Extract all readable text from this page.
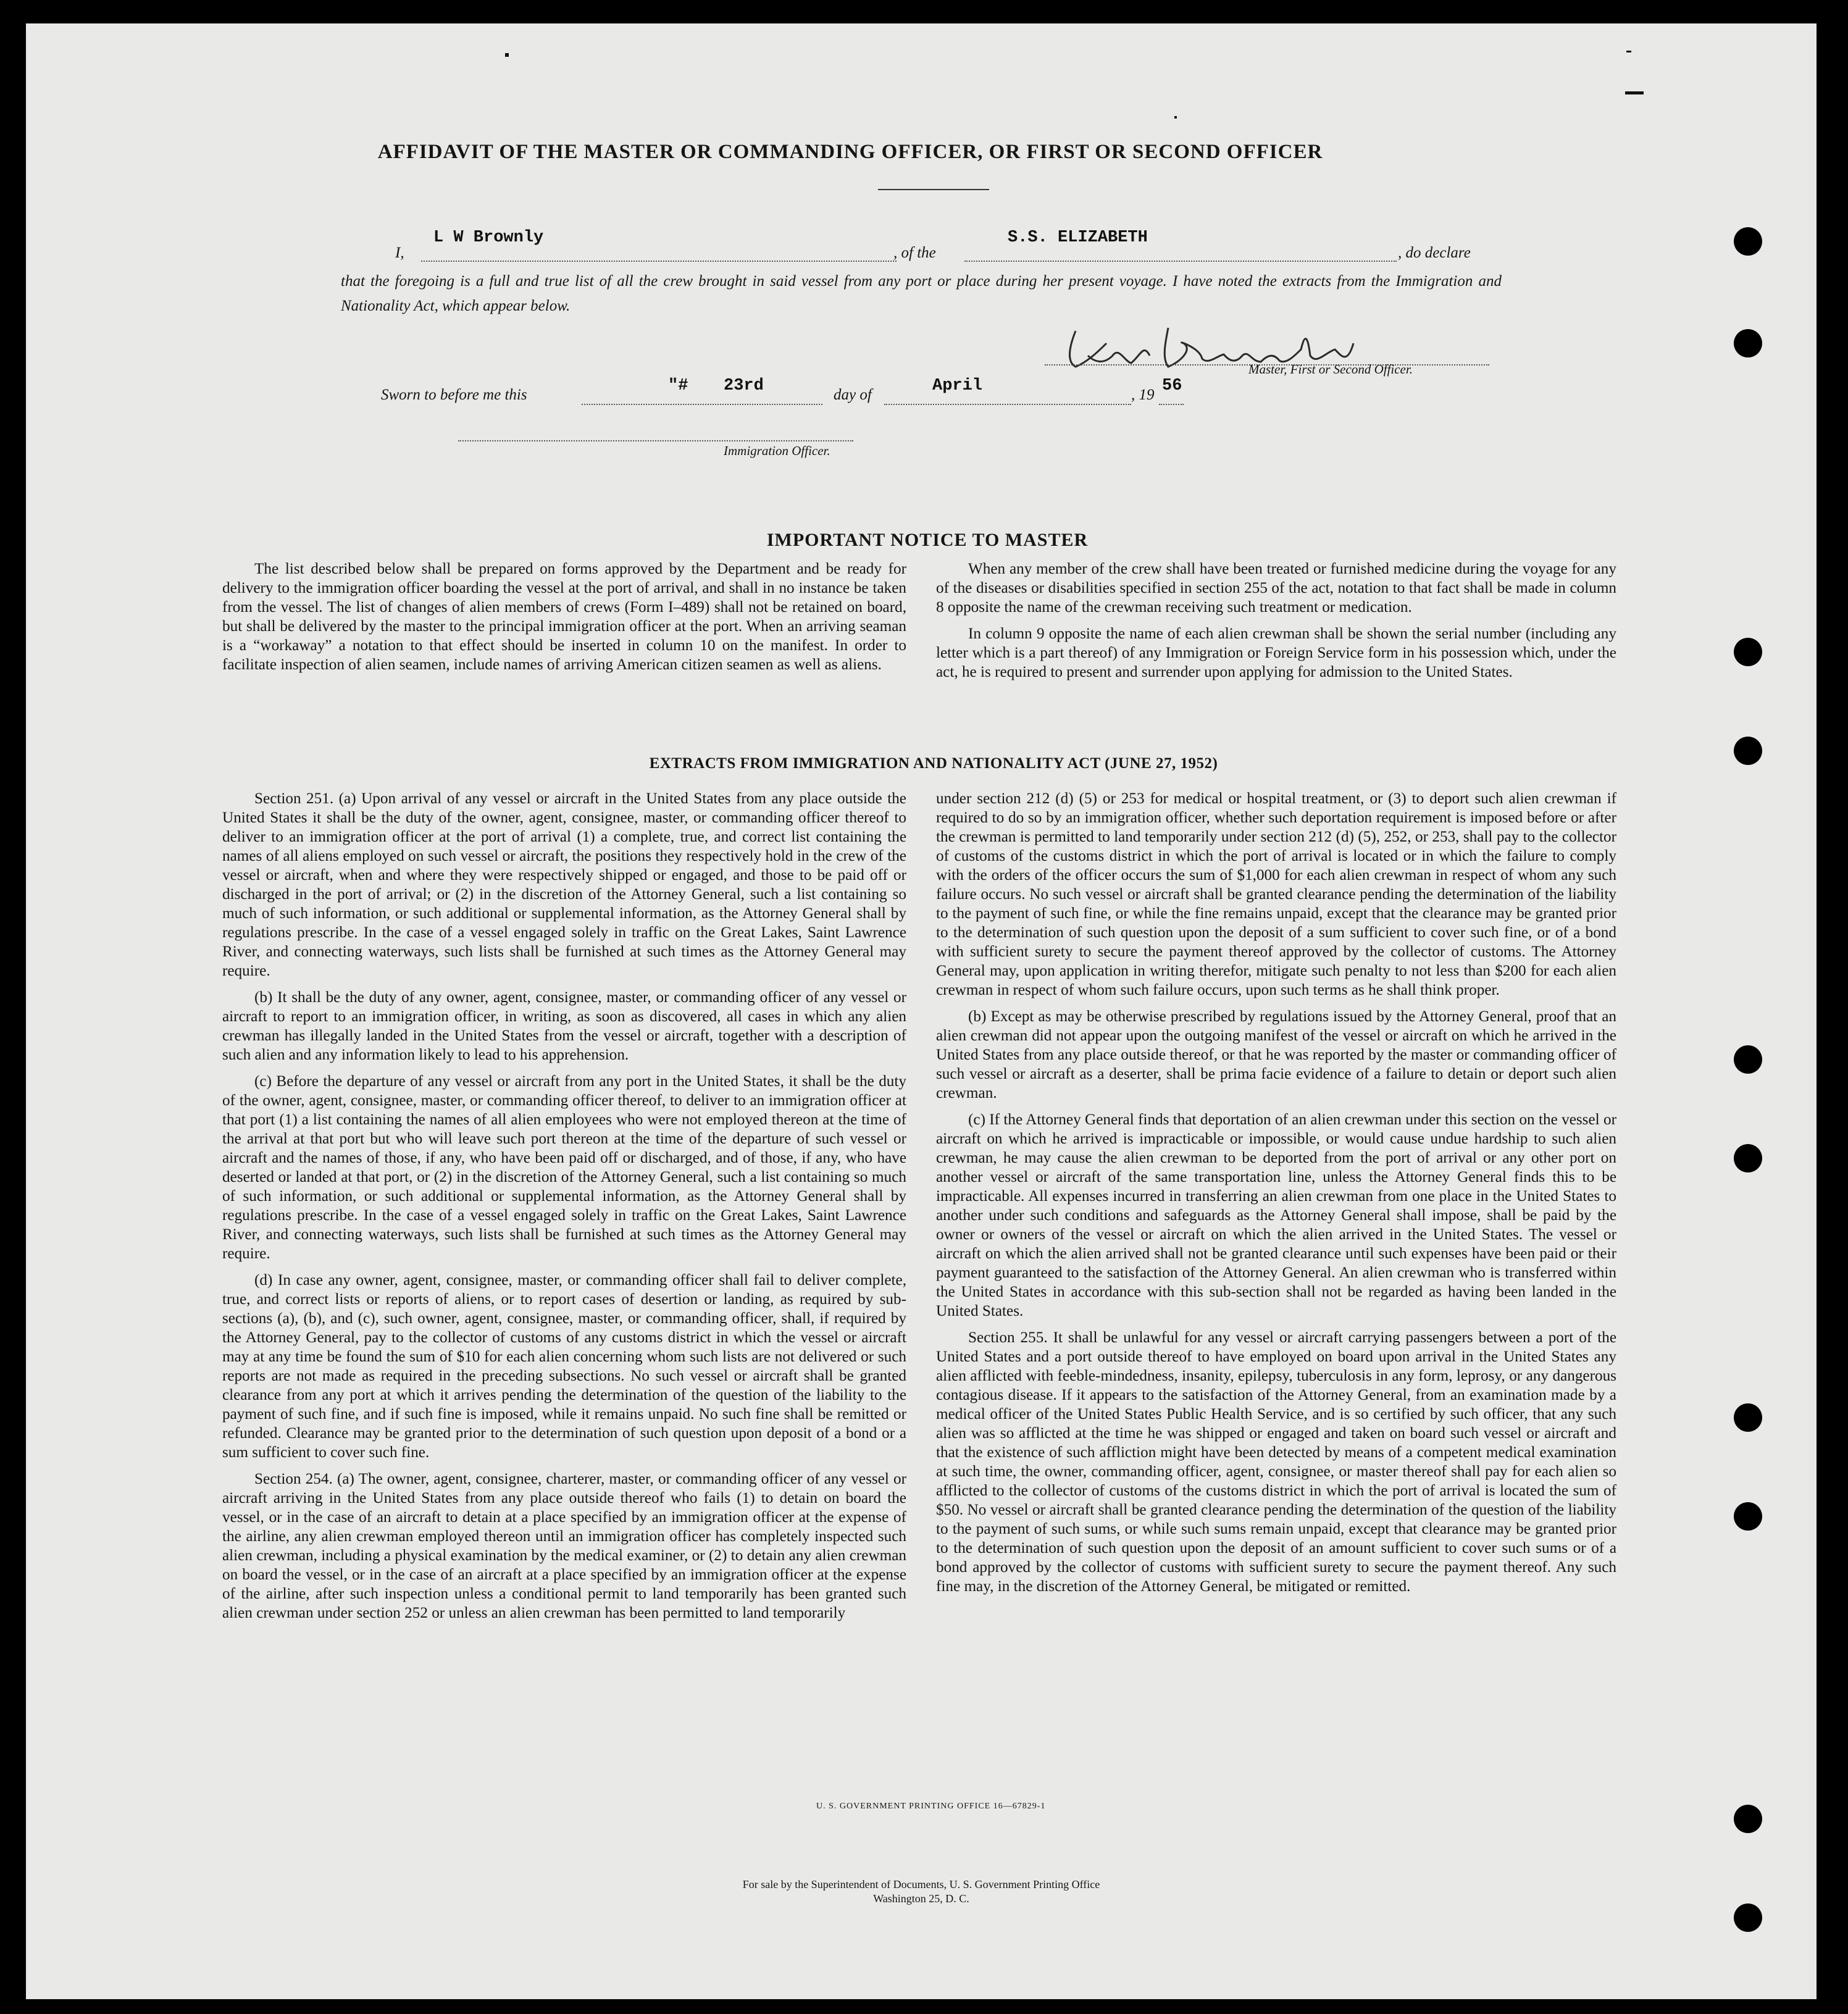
AFFIDAVIT OF THE MASTER OR COMMANDING OFFICER, OR FIRST OR SECOND OFFICER
I,
L W Brownly
, of the
S.S. ELIZABETH
, do declare
that the foregoing is a full and true list of all the crew brought in said vessel from any port or place during her present voyage. I have noted the extracts from the Immigration and Nationality Act, which appear below.
Master, First or Second Officer.
Sworn to before me this	"# 23rd	day of	April	, 19 56
Immigration Officer.
IMPORTANT NOTICE TO MASTER

The list described below shall be prepared on forms approved by the Department and be ready for delivery to the immigration officer boarding the vessel at the port of arrival, and shall in no instance be taken from the vessel. The list of changes of alien members of crews (Form I–489) shall not be retained on board, but shall be delivered by the master to the principal immigration officer at the port. When an arriving seaman is a “workaway” a notation to that effect should be inserted in column 10 on the manifest. In order to facilitate inspection of alien seamen, include names of arriving American citizen seamen as well as aliens.

When any member of the crew shall have been treated or furnished medicine during the voyage for any of the diseases or disabilities specified in section 255 of the act, notation to that fact shall be made in column 8 opposite the name of the crewman receiving such treatment or medication.

In column 9 opposite the name of each alien crewman shall be shown the serial number (including any letter which is a part thereof) of any Immigration or Foreign Service form in his possession which, under the act, he is required to present and surrender upon applying for admission to the United States.

EXTRACTS FROM IMMIGRATION AND NATIONALITY ACT (JUNE 27, 1952)

Section 251. (a) Upon arrival of any vessel or aircraft in the United States from any place outside the United States it shall be the duty of the owner, agent, consignee, master, or commanding officer thereof to deliver to an immigration officer at the port of arrival (1) a complete, true, and correct list containing the names of all aliens employed on such vessel or aircraft, the positions they respectively hold in the crew of the vessel or aircraft, when and where they were respectively shipped or engaged, and those to be paid off or discharged in the port of arrival; or (2) in the discretion of the Attorney General, such a list containing so much of such information, or such additional or supplemental information, as the Attorney General shall by regulations prescribe. In the case of a vessel engaged solely in traffic on the Great Lakes, Saint Lawrence River, and connecting waterways, such lists shall be furnished at such times as the Attorney General may require.

(b) It shall be the duty of any owner, agent, consignee, master, or commanding officer of any vessel or aircraft to report to an immigration officer, in writing, as soon as discovered, all cases in which any alien crewman has illegally landed in the United States from the vessel or aircraft, together with a description of such alien and any information likely to lead to his apprehension.

(c) Before the departure of any vessel or aircraft from any port in the United States, it shall be the duty of the owner, agent, consignee, master, or commanding officer thereof, to deliver to an immigration officer at that port (1) a list containing the names of all alien employees who were not employed thereon at the time of the arrival at that port but who will leave such port thereon at the time of the departure of such vessel or aircraft and the names of those, if any, who have been paid off or discharged, and of those, if any, who have deserted or landed at that port, or (2) in the discretion of the Attorney General, such a list containing so much of such information, or such additional or supplemental information, as the Attorney General shall by regulations prescribe. In the case of a vessel engaged solely in traffic on the Great Lakes, Saint Lawrence River, and connecting waterways, such lists shall be furnished at such times as the Attorney General may require.

(d) In case any owner, agent, consignee, master, or commanding officer shall fail to deliver complete, true, and correct lists or reports of aliens, or to report cases of desertion or landing, as required by sub-sections (a), (b), and (c), such owner, agent, consignee, master, or commanding officer, shall, if required by the Attorney General, pay to the collector of customs of any customs district in which the vessel or aircraft may at any time be found the sum of $10 for each alien concerning whom such lists are not delivered or such reports are not made as required in the preceding subsections. No such vessel or aircraft shall be granted clearance from any port at which it arrives pending the determination of the question of the liability to the payment of such fine, and if such fine is imposed, while it remains unpaid. No such fine shall be remitted or refunded. Clearance may be granted prior to the determination of such question upon deposit of a bond or a sum sufficient to cover such fine.

Section 254. (a) The owner, agent, consignee, charterer, master, or commanding officer of any vessel or aircraft arriving in the United States from any place outside thereof who fails (1) to detain on board the vessel, or in the case of an aircraft to detain at a place specified by an immigration officer at the expense of the airline, any alien crewman employed thereon until an immigration officer has completely inspected such alien crewman, including a physical examination by the medical examiner, or (2) to detain any alien crewman on board the vessel, or in the case of an aircraft at a place specified by an immigration officer at the expense of the airline, after such inspection unless a conditional permit to land temporarily has been granted such alien crewman under section 252 or unless an alien crewman has been permitted to land temporarily

under section 212 (d) (5) or 253 for medical or hospital treatment, or (3) to deport such alien crewman if required to do so by an immigration officer, whether such deportation requirement is imposed before or after the crewman is permitted to land temporarily under section 212 (d) (5), 252, or 253, shall pay to the collector of customs of the customs district in which the port of arrival is located or in which the failure to comply with the orders of the officer occurs the sum of $1,000 for each alien crewman in respect of whom any such failure occurs. No such vessel or aircraft shall be granted clearance pending the determination of the liability to the payment of such fine, or while the fine remains unpaid, except that the clearance may be granted prior to the determination of such question upon the deposit of a sum sufficient to cover such fine, or of a bond with sufficient surety to secure the payment thereof approved by the collector of customs. The Attorney General may, upon application in writing therefor, mitigate such penalty to not less than $200 for each alien crewman in respect of whom such failure occurs, upon such terms as he shall think proper.

(b) Except as may be otherwise prescribed by regulations issued by the Attorney General, proof that an alien crewman did not appear upon the outgoing manifest of the vessel or aircraft on which he arrived in the United States from any place outside thereof, or that he was reported by the master or commanding officer of such vessel or aircraft as a deserter, shall be prima facie evidence of a failure to detain or deport such alien crewman.

(c) If the Attorney General finds that deportation of an alien crewman under this section on the vessel or aircraft on which he arrived is impracticable or impossible, or would cause undue hardship to such alien crewman, he may cause the alien crewman to be deported from the port of arrival or any other port on another vessel or aircraft of the same transportation line, unless the Attorney General finds this to be impracticable. All expenses incurred in transferring an alien crewman from one place in the United States to another under such conditions and safeguards as the Attorney General shall impose, shall be paid by the owner or owners of the vessel or aircraft on which the alien arrived in the United States. The vessel or aircraft on which the alien arrived shall not be granted clearance until such expenses have been paid or their payment guaranteed to the satisfaction of the Attorney General. An alien crewman who is transferred within the United States in accordance with this sub-section shall not be regarded as having been landed in the United States.

Section 255. It shall be unlawful for any vessel or aircraft carrying passengers between a port of the United States and a port outside thereof to have employed on board upon arrival in the United States any alien afflicted with feeble-mindedness, insanity, epilepsy, tuberculosis in any form, leprosy, or any dangerous contagious disease. If it appears to the satisfaction of the Attorney General, from an examination made by a medical officer of the United States Public Health Service, and is so certified by such officer, that any such alien was so afflicted at the time he was shipped or engaged and taken on board such vessel or aircraft and that the existence of such affliction might have been detected by means of a competent medical examination at such time, the owner, commanding officer, agent, consignee, or master thereof shall pay for each alien so afflicted to the collector of customs of the customs district in which the port of arrival is located the sum of $50. No vessel or aircraft shall be granted clearance pending the determination of the question of the liability to the payment of such sums, or while such sums remain unpaid, except that clearance may be granted prior to the determination of such question upon the deposit of an amount sufficient to cover such sums or of a bond approved by the collector of customs with sufficient surety to secure the payment thereof. Any such fine may, in the discretion of the Attorney General, be mitigated or remitted.

U. S. GOVERNMENT PRINTING OFFICE 16—67829-1
For sale by the Superintendent of Documents, U. S. Government Printing Office
Washington 25, D. C.
